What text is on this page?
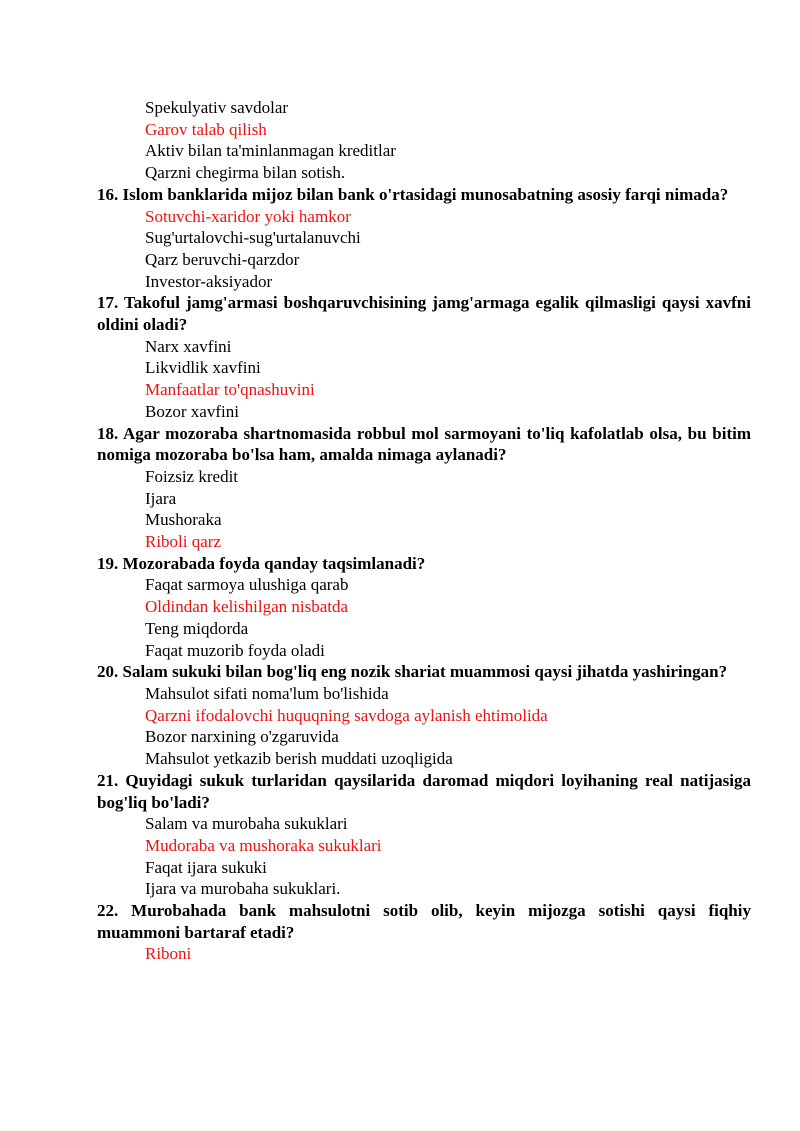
Spekulyativ savdolar
Garov talab qilish
Aktiv bilan ta'minlanmagan kreditlar
Qarzni chegirma bilan sotish.
16. Islom banklarida mijoz bilan bank o'rtasidagi munosabatning asosiy farqi nimada?
Sotuvchi-xaridor yoki hamkor
Sug'urtalovchi-sug'urtalanuvchi
Qarz beruvchi-qarzdor
Investor-aksiyador
17. Takoful jamg'armasi boshqaruvchisining jamg'armaga egalik qilmasligi qaysi xavfni oldini oladi?
Narx xavfini
Likvidlik xavfini
Manfaatlar to'qnashuvini
Bozor xavfini
18. Agar mozoraba shartnomasida robbul mol sarmoyani to'liq kafolatlab olsa, bu bitim nomiga mozoraba bo'lsa ham, amalda nimaga aylanadi?
Foizsiz kredit
Ijara
Mushoraka
Riboli qarz
19. Mozorabada foyda qanday taqsimlanadi?
Faqat sarmoya ulushiga qarab
Oldindan kelishilgan nisbatda
Teng miqdorda
Faqat muzorib foyda oladi
20. Salam sukuki bilan bog'liq eng nozik shariat muammosi qaysi jihatda yashiringan?
Mahsulot sifati noma'lum bo'lishida
Qarzni ifodalovchi huquqning savdoga aylanish ehtimolida
Bozor narxining o'zgaruvida
Mahsulot yetkazib berish muddati uzoqligida
21. Quyidagi sukuk turlaridan qaysilarida daromad miqdori loyihaning real natijasiga bog'liq bo'ladi?
Salam va murobaha sukuklari
Mudoraba va mushoraka sukuklari
Faqat ijara sukuki
Ijara va murobaha sukuklari.
22. Murobahada bank mahsulotni sotib olib, keyin mijozga sotishi qaysi fiqhiy muammoni bartaraf etadi?
Riboni
